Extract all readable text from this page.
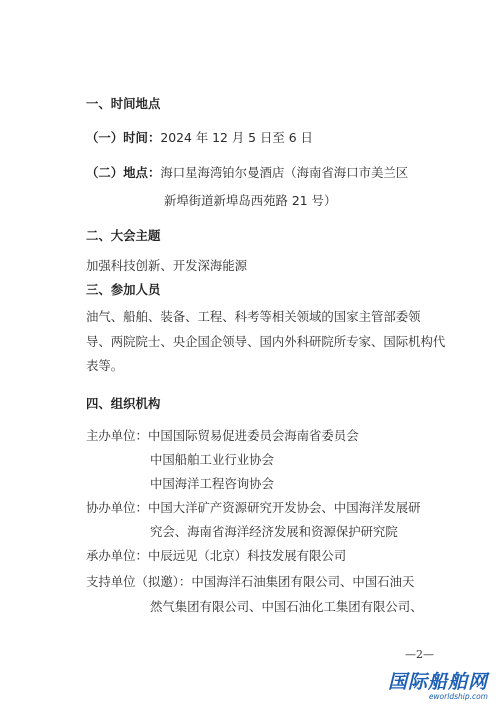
一、时间地点
（一）时间：2024 年 12 月 5 日至 6 日
（二）地点：海口星海湾铂尔曼酒店（海南省海口市美兰区
新埠街道新埠岛西苑路 21 号）
二、大会主题
加强科技创新、开发深海能源
三、参加人员
油气、船舶、装备、工程、科考等相关领域的国家主管部委领
导、两院院士、央企国企领导、国内外科研院所专家、国际机构代
表等。
四、组织机构
主办单位：中国国际贸易促进委员会海南省委员会
中国船舶工业行业协会
中国海洋工程咨询协会
协办单位：中国大洋矿产资源研究开发协会、中国海洋发展研
究会、海南省海洋经济发展和资源保护研究院
承办单位：中辰远见（北京）科技发展有限公司
支持单位（拟邀）：中国海洋石油集团有限公司、中国石油天
然气集团有限公司、中国石油化工集团有限公司、
—2—
国际船舶网
eworldship.com
